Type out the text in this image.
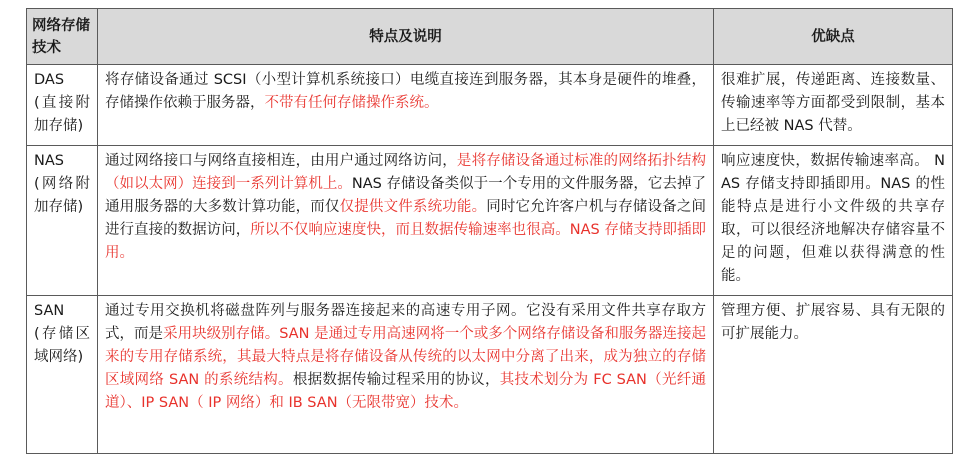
网络存储技术	特点及说明	优缺点
DAS
(直接附加存储)	将存储设备通过 SCSI（小型计算机系统接口）电缆直接连到服务器，其本身是硬件的堆叠，存储操作依赖于服务器，不带有任何存储操作系统。	很难扩展，传递距离、连接数量、传输速率等方面都受到限制，基本上已经被 NAS 代替。
NAS
(网络附加存储)	通过网络接口与网络直接相连，由用户通过网络访问，是将存储设备通过标准的网络拓扑结构（如以太网）连接到一系列计算机上。NAS 存储设备类似于一个专用的文件服务器，它去掉了通用服务器的大多数计算功能，而仅仅提供文件系统功能。同时它允许客户机与存储设备之间进行直接的数据访问，所以不仅响应速度快，而且数据传输速率也很高。NAS 存储支持即插即用。	响应速度快，数据传输速率高。 NAS 存储支持即插即用。NAS 的性能特点是进行小文件级的共享存取，可以很经济地解决存储容量不足的问题，但难以获得满意的性能。
SAN
(存储区域网络)	通过专用交换机将磁盘阵列与服务器连接起来的高速专用子网。它没有采用文件共享存取方式，而是采用块级别存储。SAN 是通过专用高速网将一个或多个网络存储设备和服务器连接起来的专用存储系统，其最大特点是将存储设备从传统的以太网中分离了出来，成为独立的存储区域网络 SAN 的系统结构。根据数据传输过程采用的协议，其技术划分为 FC SAN（光纤通道）、IP SAN（ IP 网络）和 IB SAN（无限带宽）技术。	管理方便、扩展容易、具有无限的可扩展能力。
